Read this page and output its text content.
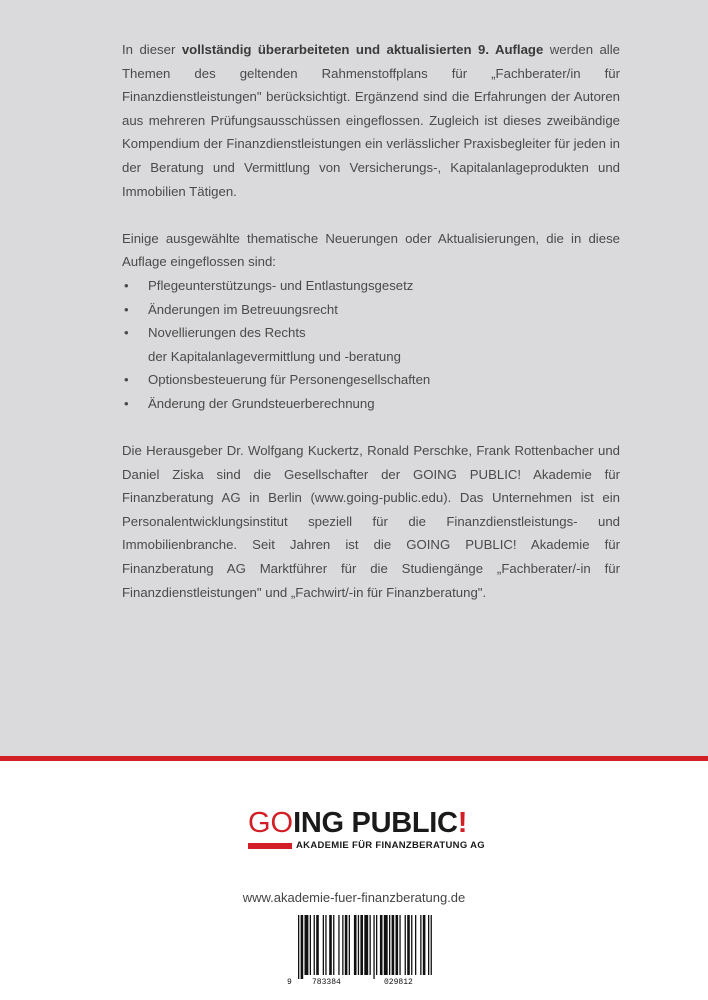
In dieser vollständig überarbeiteten und aktualisierten 9. Auflage werden alle Themen des geltenden Rahmenstoffplans für „Fachberater/in für Finanzdienstleistungen" berücksichtigt. Ergänzend sind die Erfahrungen der Autoren aus mehreren Prüfungsausschüssen eingeflossen. Zugleich ist dieses zweibändige Kompendium der Finanzdienstleistungen ein verlässlicher Praxisbegleiter für jeden in der Beratung und Vermittlung von Versicherungs-, Kapitalanlageprodukten und Immobilien Tätigen.

Einige ausgewählte thematische Neuerungen oder Aktualisierungen, die in diese Auflage eingeflossen sind:

• Pflegeunterstützungs- und Entlastungsgesetz
• Änderungen im Betreuungsrecht
• Novellierungen des Rechts
der Kapitalanlagevermittlung und -beratung
• Optionsbesteuerung für Personengesellschaften
• Änderung der Grundsteuerberechnung

Die Herausgeber Dr. Wolfgang Kuckertz, Ronald Perschke, Frank Rottenbacher und Daniel Ziska sind die Gesellschafter der GOING PUBLIC! Akademie für Finanzberatung AG in Berlin (www.going-public.edu). Das Unternehmen ist ein Personalentwicklungsinstitut speziell für die Finanzdienstleistungs- und Immobilienbranche. Seit Jahren ist die GOING PUBLIC! Akademie für Finanzberatung AG Marktführer für die Studiengänge „Fachberater/-in für Finanzdienstleistungen" und „Fachwirt/-in für Finanzberatung".

GOING PUBLIC!
AKADEMIE FÜR FINANZBERATUNG AG
www.akademie-fuer-finanzberatung.de
9	783384	029812
